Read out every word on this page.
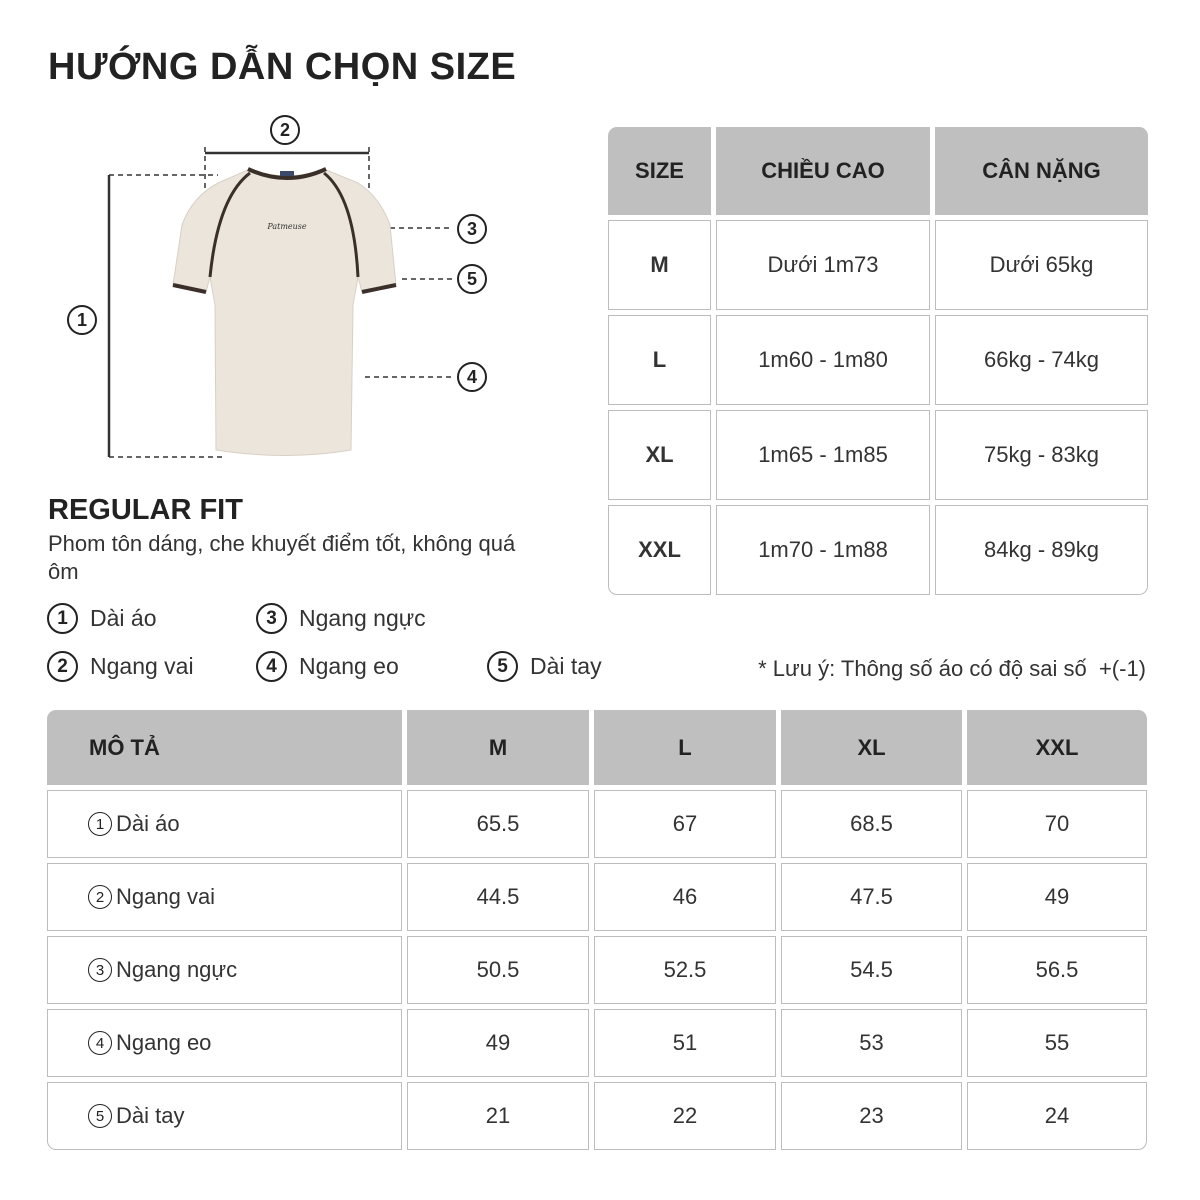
HƯỚNG DẪN CHỌN SIZE
Patmeuse
2
1
3
5
4
REGULAR FIT
Phom tôn dáng, che khuyết điểm tốt, không quá ôm
1 Dài áo	3 Ngang ngực
2 Ngang vai	4 Ngang eo	5 Dài tay	* Lưu ý: Thông số áo có độ sai số  +(-1)
SIZE	CHIỀU CAO	CÂN NẶNG
M	Dưới 1m73	Dưới 65kg
L	1m60 - 1m80	66kg - 74kg
XL	1m65 - 1m85	75kg - 83kg
XXL	1m70 - 1m88	84kg - 89kg
MÔ TẢ	M	L	XL	XXL
1 Dài áo	65.5	67	68.5	70
2 Ngang vai	44.5	46	47.5	49
3 Ngang ngực	50.5	52.5	54.5	56.5
4 Ngang eo	49	51	53	55
5 Dài tay	21	22	23	24
